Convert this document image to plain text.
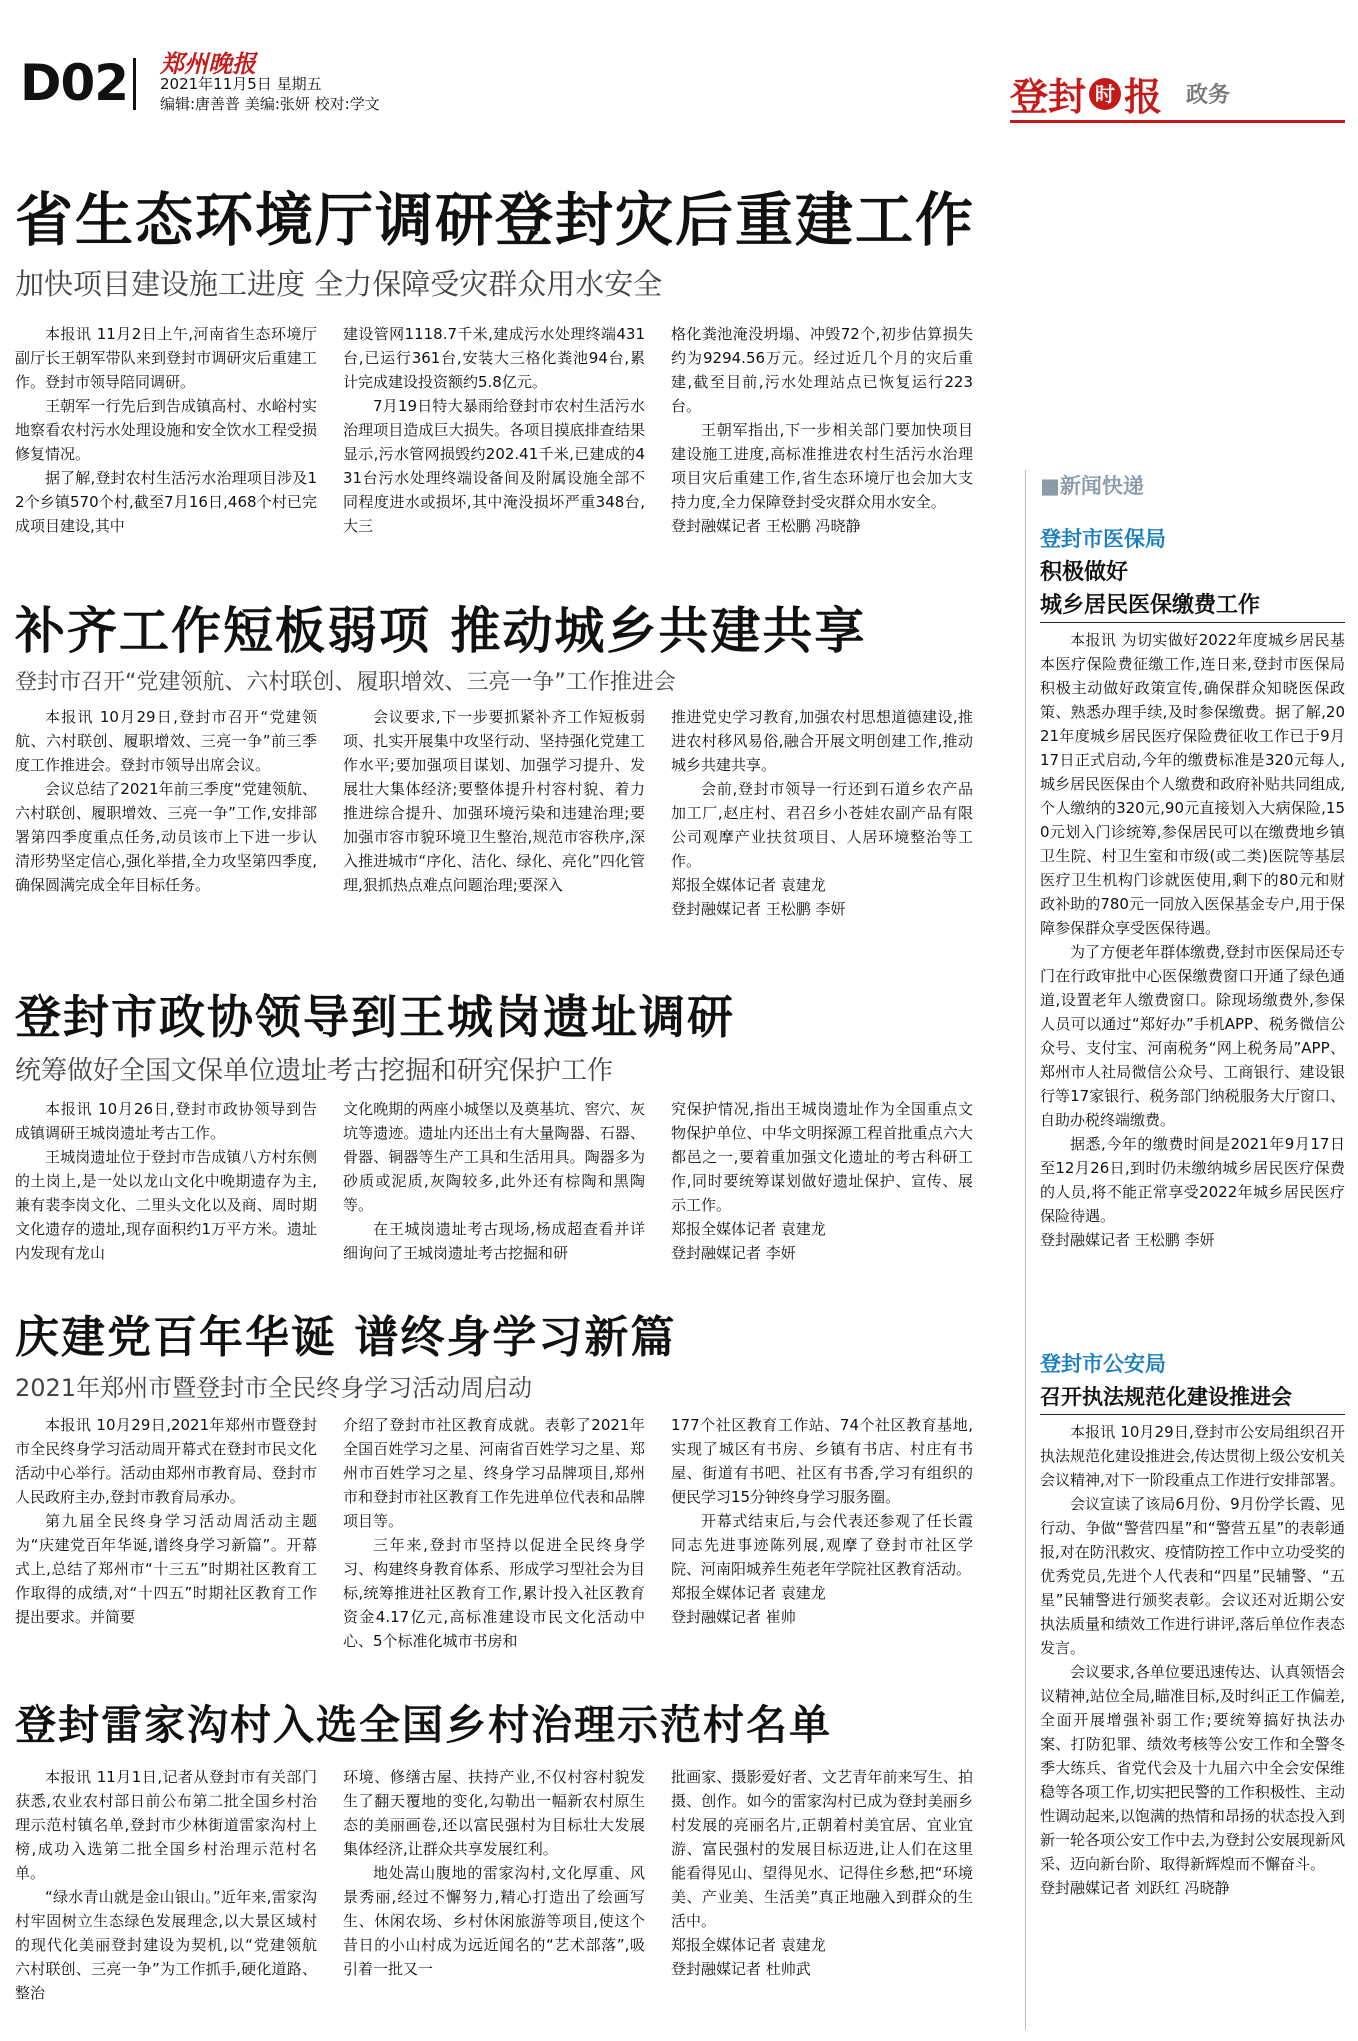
D02 郑州晚报
2021年11月5日 星期五
编辑:唐善普 美编:张妍 校对:学文	登封 时 报 政务
省生态环境厅调研登封灾后重建工作
加快项目建设施工进度 全力保障受灾群众用水安全

本报讯 11月2日上午,河南省生态环境厅副厅长王朝军带队来到登封市调研灾后重建工作。登封市领导陪同调研。

王朝军一行先后到告成镇高村、水峪村实地察看农村污水处理设施和安全饮水工程受损修复情况。

据了解,登封农村生活污水治理项目涉及12个乡镇570个村,截至7月16日,468个村已完成项目建设,其中

建设管网1118.7千米,建成污水处理终端431台,已运行361台,安装大三格化粪池94台,累计完成建设投资额约5.8亿元。

7月19日特大暴雨给登封市农村生活污水治理项目造成巨大损失。各项目摸底排查结果显示,污水管网损毁约202.41千米,已建成的431台污水处理终端设备间及附属设施全部不同程度进水或损坏,其中淹没损坏严重348台,大三

格化粪池淹没坍塌、冲毁72个,初步估算损失约为9294.56万元。经过近几个月的灾后重建,截至目前,污水处理站点已恢复运行223台。

王朝军指出,下一步相关部门要加快项目建设施工进度,高标准推进农村生活污水治理项目灾后重建工作,省生态环境厅也会加大支持力度,全力保障登封受灾群众用水安全。

登封融媒记者 王松鹏 冯晓静

补齐工作短板弱项 推动城乡共建共享
登封市召开“党建领航、六村联创、履职增效、三亮一争”工作推进会

本报讯 10月29日,登封市召开“党建领航、六村联创、履职增效、三亮一争”前三季度工作推进会。登封市领导出席会议。

会议总结了2021年前三季度“党建领航、六村联创、履职增效、三亮一争”工作,安排部署第四季度重点任务,动员该市上下进一步认清形势坚定信心,强化举措,全力攻坚第四季度,确保圆满完成全年目标任务。

会议要求,下一步要抓紧补齐工作短板弱项、扎实开展集中攻坚行动、坚持强化党建工作水平;要加强项目谋划、加强学习提升、发展壮大集体经济;要整体提升村容村貌、着力推进综合提升、加强环境污染和违建治理;要加强市容市貌环境卫生整治,规范市容秩序,深入推进城市“序化、洁化、绿化、亮化”四化管理,狠抓热点难点问题治理;要深入

推进党史学习教育,加强农村思想道德建设,推进农村移风易俗,融合开展文明创建工作,推动城乡共建共享。

会前,登封市领导一行还到石道乡农产品加工厂,赵庄村、君召乡小苍娃农副产品有限公司观摩产业扶贫项目、人居环境整治等工作。

郑报全媒体记者 袁建龙

登封融媒记者 王松鹏 李妍

登封市政协领导到王城岗遗址调研
统筹做好全国文保单位遗址考古挖掘和研究保护工作

本报讯 10月26日,登封市政协领导到告成镇调研王城岗遗址考古工作。

王城岗遗址位于登封市告成镇八方村东侧的土岗上,是一处以龙山文化中晚期遗存为主,兼有裴李岗文化、二里头文化以及商、周时期文化遗存的遗址,现存面积约1万平方米。遗址内发现有龙山

文化晚期的两座小城堡以及奠基坑、窖穴、灰坑等遗迹。遗址内还出土有大量陶器、石器、骨器、铜器等生产工具和生活用具。陶器多为砂质或泥质,灰陶较多,此外还有棕陶和黑陶等。

在王城岗遗址考古现场,杨成超查看并详细询问了王城岗遗址考古挖掘和研

究保护情况,指出王城岗遗址作为全国重点文物保护单位、中华文明探源工程首批重点六大都邑之一,要着重加强文化遗址的考古科研工作,同时要统筹谋划做好遗址保护、宣传、展示工作。

郑报全媒体记者 袁建龙

登封融媒记者 李妍

庆建党百年华诞 谱终身学习新篇
2021年郑州市暨登封市全民终身学习活动周启动

本报讯 10月29日,2021年郑州市暨登封市全民终身学习活动周开幕式在登封市民文化活动中心举行。活动由郑州市教育局、登封市人民政府主办,登封市教育局承办。

第九届全民终身学习活动周活动主题为“庆建党百年华诞,谱终身学习新篇”。开幕式上,总结了郑州市“十三五”时期社区教育工作取得的成绩,对“十四五”时期社区教育工作提出要求。并简要

介绍了登封市社区教育成就。表彰了2021年全国百姓学习之星、河南省百姓学习之星、郑州市百姓学习之星、终身学习品牌项目,郑州市和登封市社区教育工作先进单位代表和品牌项目等。

三年来,登封市坚持以促进全民终身学习、构建终身教育体系、形成学习型社会为目标,统筹推进社区教育工作,累计投入社区教育资金4.17亿元,高标准建设市民文化活动中心、5个标准化城市书房和

177个社区教育工作站、74个社区教育基地,实现了城区有书房、乡镇有书店、村庄有书屋、街道有书吧、社区有书香,学习有组织的便民学习15分钟终身学习服务圈。

开幕式结束后,与会代表还参观了任长霞同志先进事迹陈列展,观摩了登封市社区学院、河南阳城养生苑老年学院社区教育活动。

郑报全媒体记者 袁建龙

登封融媒记者 崔帅

登封雷家沟村入选全国乡村治理示范村名单

本报讯 11月1日,记者从登封市有关部门获悉,农业农村部日前公布第二批全国乡村治理示范村镇名单,登封市少林街道雷家沟村上榜,成功入选第二批全国乡村治理示范村名单。

“绿水青山就是金山银山。”近年来,雷家沟村牢固树立生态绿色发展理念,以大景区域村的现代化美丽登封建设为契机,以“党建领航 六村联创、三亮一争”为工作抓手,硬化道路、整治

环境、修缮古屋、扶持产业,不仅村容村貌发生了翻天覆地的变化,勾勒出一幅新农村原生态的美丽画卷,还以富民强村为目标壮大发展集体经济,让群众共享发展红利。

地处嵩山腹地的雷家沟村,文化厚重、风景秀丽,经过不懈努力,精心打造出了绘画写生、休闲农场、乡村休闲旅游等项目,使这个昔日的小山村成为远近闻名的“艺术部落”,吸引着一批又一

批画家、摄影爱好者、文艺青年前来写生、拍摄、创作。如今的雷家沟村已成为登封美丽乡村发展的亮丽名片,正朝着村美宜居、宜业宜游、富民强村的发展目标迈进,让人们在这里能看得见山、望得见水、记得住乡愁,把“环境美、产业美、生活美”真正地融入到群众的生活中。

郑报全媒体记者 袁建龙

登封融媒记者 杜帅武

■新闻快递
登封市医保局
积极做好
城乡居民医保缴费工作

本报讯 为切实做好2022年度城乡居民基本医疗保险费征缴工作,连日来,登封市医保局积极主动做好政策宣传,确保群众知晓医保政策、熟悉办理手续,及时参保缴费。据了解,2021年度城乡居民医疗保险费征收工作已于9月17日正式启动,今年的缴费标准是320元每人,城乡居民医保由个人缴费和政府补贴共同组成,个人缴纳的320元,90元直接划入大病保险,150元划入门诊统筹,参保居民可以在缴费地乡镇卫生院、村卫生室和市级(或二类)医院等基层医疗卫生机构门诊就医使用,剩下的80元和财政补助的780元一同放入医保基金专户,用于保障参保群众享受医保待遇。

为了方便老年群体缴费,登封市医保局还专门在行政审批中心医保缴费窗口开通了绿色通道,设置老年人缴费窗口。除现场缴费外,参保人员可以通过“郑好办”手机APP、税务微信公众号、支付宝、河南税务“网上税务局”APP、郑州市人社局微信公众号、工商银行、建设银行等17家银行、税务部门纳税服务大厅窗口、自助办税终端缴费。

据悉,今年的缴费时间是2021年9月17日至12月26日,到时仍未缴纳城乡居民医疗保费的人员,将不能正常享受2022年城乡居民医疗保险待遇。

登封融媒记者 王松鹏 李妍

登封市公安局
召开执法规范化建设推进会

本报讯 10月29日,登封市公安局组织召开执法规范化建设推进会,传达贯彻上级公安机关会议精神,对下一阶段重点工作进行安排部署。

会议宣读了该局6月份、9月份学长霞、见行动、争做“警营四星”和“警营五星”的表彰通报,对在防汛救灾、疫情防控工作中立功受奖的优秀党员,先进个人代表和“四星”民辅警、“五星”民辅警进行颁奖表彰。会议还对近期公安执法质量和绩效工作进行讲评,落后单位作表态发言。

会议要求,各单位要迅速传达、认真领悟会议精神,站位全局,瞄准目标,及时纠正工作偏差,全面开展增强补弱工作;要统筹搞好执法办案、打防犯罪、绩效考核等公安工作和全警冬季大练兵、省党代会及十九届六中全会安保维稳等各项工作,切实把民警的工作积极性、主动性调动起来,以饱满的热情和昂扬的状态投入到新一轮各项公安工作中去,为登封公安展现新风采、迈向新台阶、取得新辉煌而不懈奋斗。

登封融媒记者 刘跃红 冯晓静
